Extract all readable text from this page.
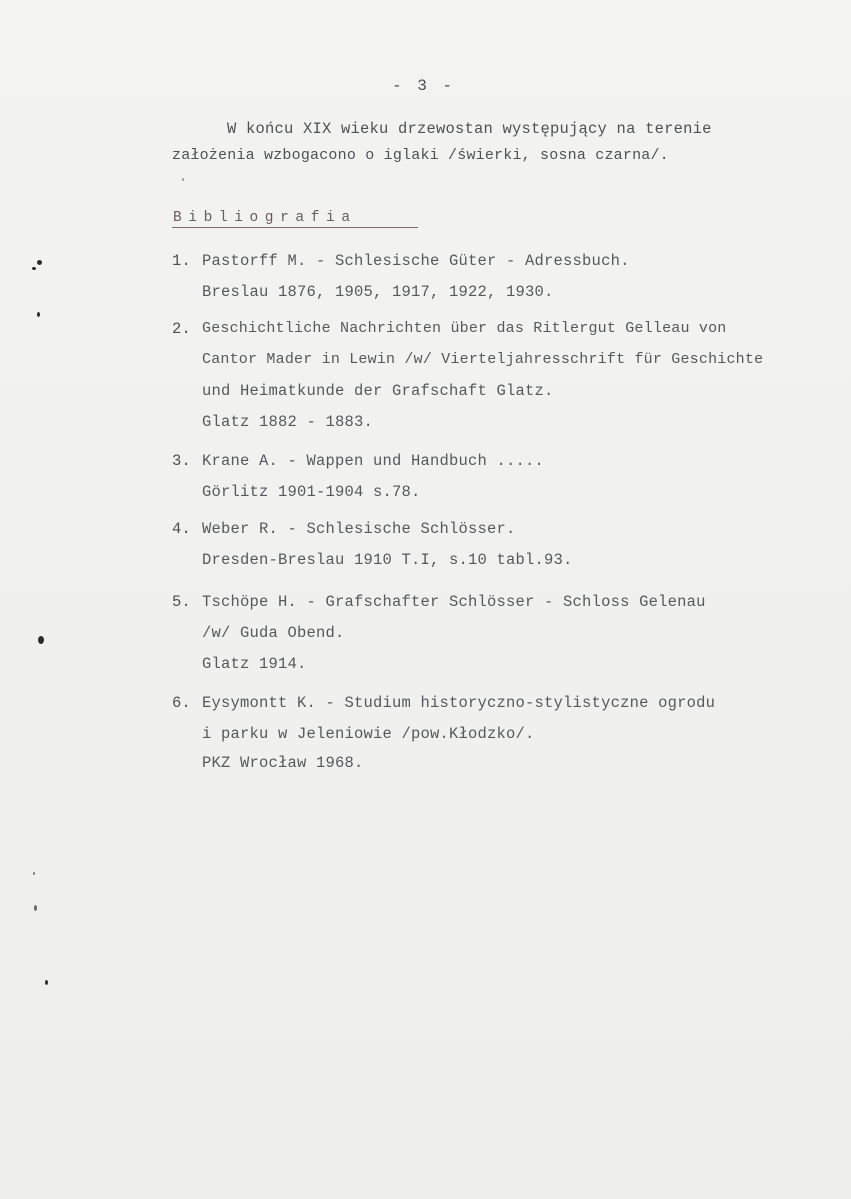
- 3 -
W końcu XIX wieku drzewostan występujący na terenie
założenia wzbogacono o iglaki /świerki, sosna czarna/.
Bibliografia
1. Pastorff M. - Schlesische Güter - Adressbuch.
Breslau 1876, 1905, 1917, 1922, 1930.
2. Geschichtliche Nachrichten über das Ritlergut Gelleau von
Cantor Mader in Lewin /w/ Vierteljahresschrift für Geschichte
und Heimatkunde der Grafschaft Glatz.
Glatz 1882 - 1883.
3. Krane A. - Wappen und Handbuch .....
Görlitz 1901-1904 s.78.
4. Weber R. - Schlesische Schlösser.
Dresden-Breslau 1910 T.I, s.10 tabl.93.
5. Tschöpe H. - Grafschafter Schlösser - Schloss Gelenau
/w/ Guda Obend.
Glatz 1914.
6. Eysymontt K. - Studium historyczno-stylistyczne ogrodu
i parku w Jeleniowie /pow.Kłodzko/.
PKZ Wrocław 1968.
